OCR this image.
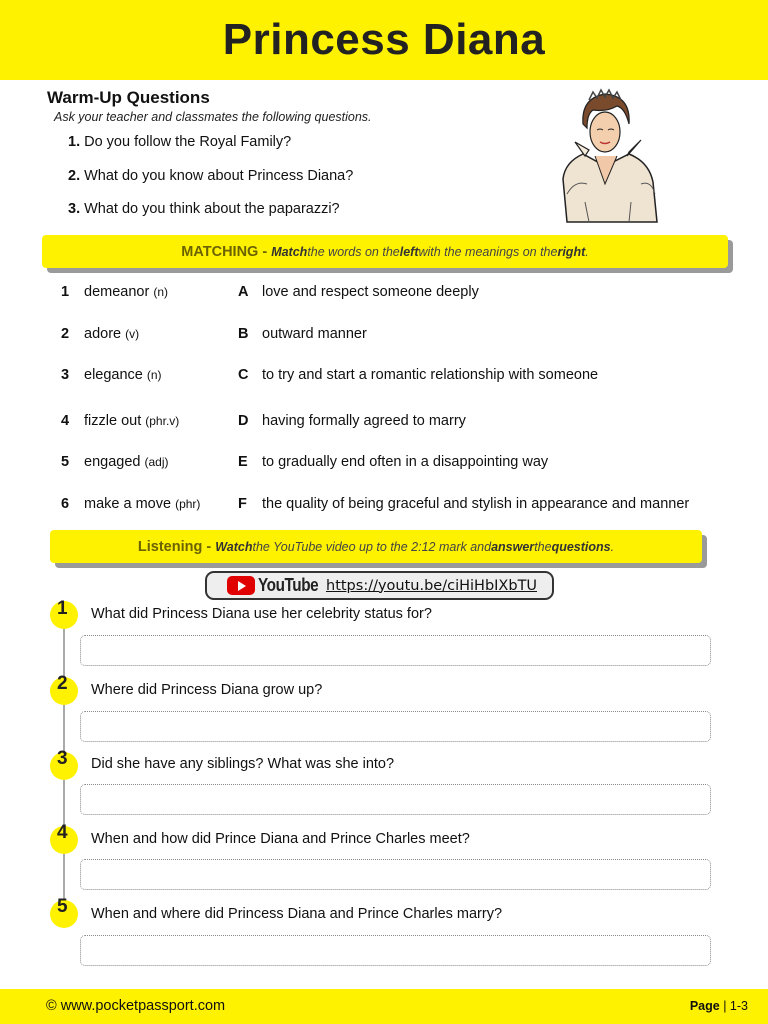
Princess Diana
Warm-Up Questions
Ask your teacher and classmates the following questions.
1. Do you follow the Royal Family?
2. What do you know about Princess Diana?
3. What do you think about the paparazzi?
MATCHING - Match the words on the left with the meanings on the right .
1 demeanor (n)	A love and respect someone deeply
2 adore (v)	B outward manner
3 elegance (n)	C to try and start a romantic relationship with someone
4 fizzle out (phr.v)	D having formally agreed to marry
5 engaged (adj)	E to gradually end often in a disappointing way
6 make a move (phr)	F the quality of being graceful and stylish in appearance and manner
Listening - Watch the YouTube video up to the 2:12 mark and answer the questions .
YouTube https://youtu.be/ciHiHbIXbTU
1 What did Princess Diana use her celebrity status for?
2 Where did Princess Diana grow up?
3 Did she have any siblings? What was she into?
4 When and how did Prince Diana and Prince Charles meet?
5 When and where did Princess Diana and Prince Charles marry?
© www.pocketpassport.com	Page | 1-3
